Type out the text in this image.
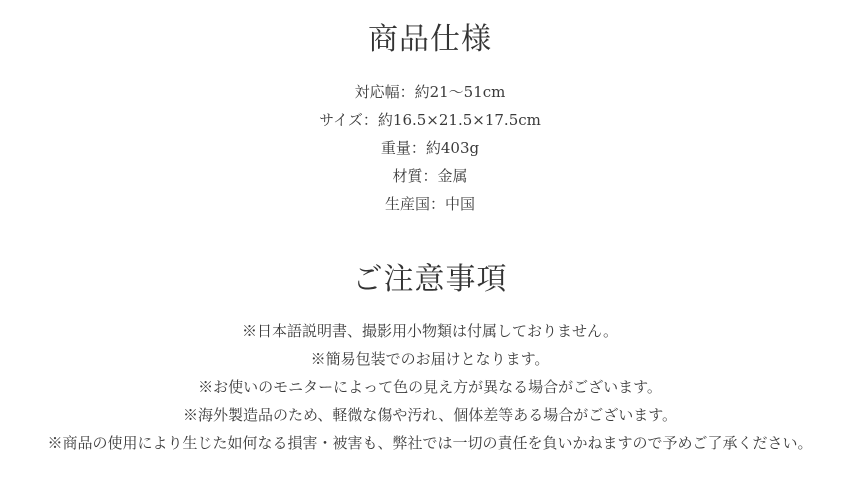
商品仕様
対応幅：約21〜51cm
サイズ：約16.5×21.5×17.5cm
重量：約403g
材質：金属
生産国：中国
ご注意事項
※日本語説明書、撮影用小物類は付属しておりません。
※簡易包装でのお届けとなります。
※お使いのモニターによって色の見え方が異なる場合がございます。
※海外製造品のため、軽微な傷や汚れ、個体差等ある場合がございます。
※商品の使用により生じた如何なる損害・被害も、弊社では一切の責任を負いかねますので予めご了承ください。
